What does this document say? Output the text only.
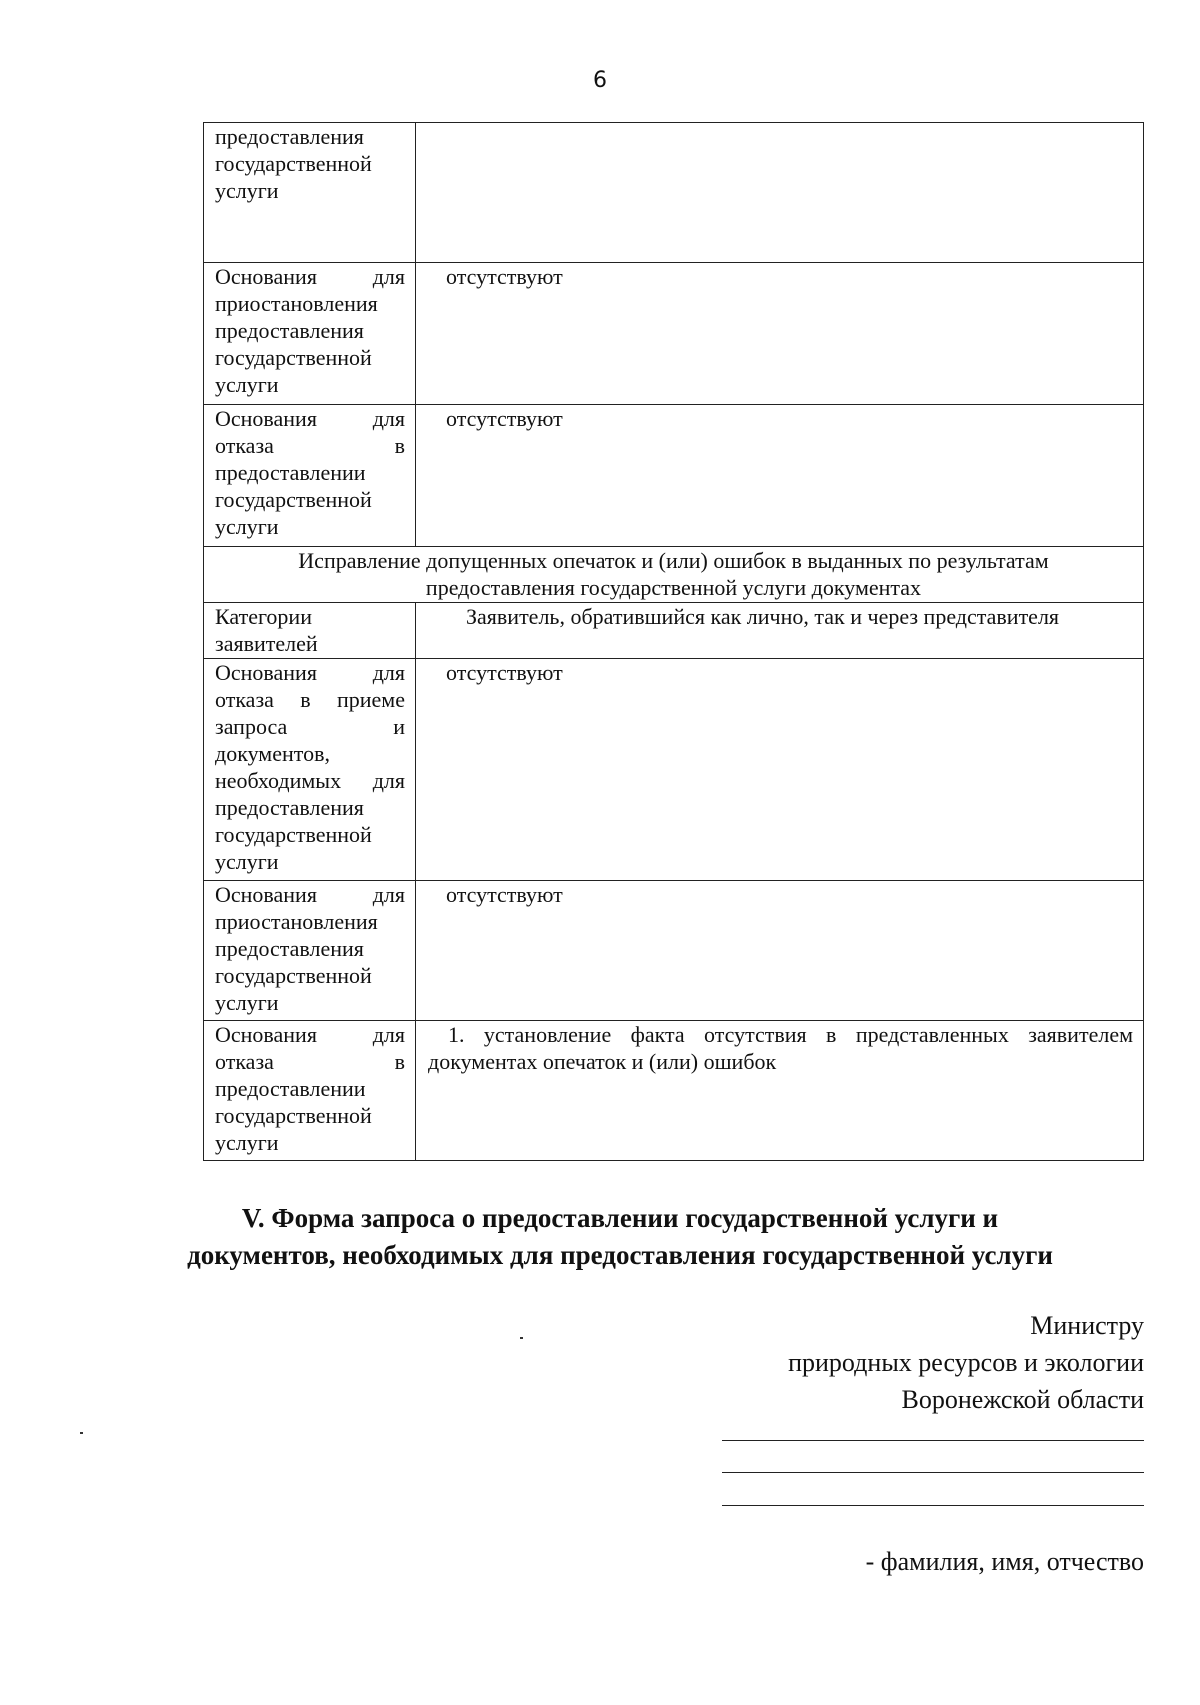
6
предоставления государственной услуги	
Основания для приостановления предоставления государственной услуги	отсутствуют
Основания для отказа в предоставлении государственной услуги	отсутствуют
Исправление допущенных опечаток и (или) ошибок в выданных по результатам предоставления государственной услуги документах	
Категории заявителей	Заявитель, обратившийся как лично, так и через представителя
Основания для отказа в приеме запроса и документов, необходимых для предоставления государственной услуги	отсутствуют
Основания для приостановления предоставления государственной услуги	отсутствуют
Основания для отказа в предоставлении государственной услуги	1. установление факта отсутствия в представленных заявителем документах опечаток и (или) ошибок
V. Форма запроса о предоставлении государственной услуги и
документов, необходимых для предоставления государственной услуги
Министру
природных ресурсов и экологии
Воронежской области
- фамилия, имя, отчество
